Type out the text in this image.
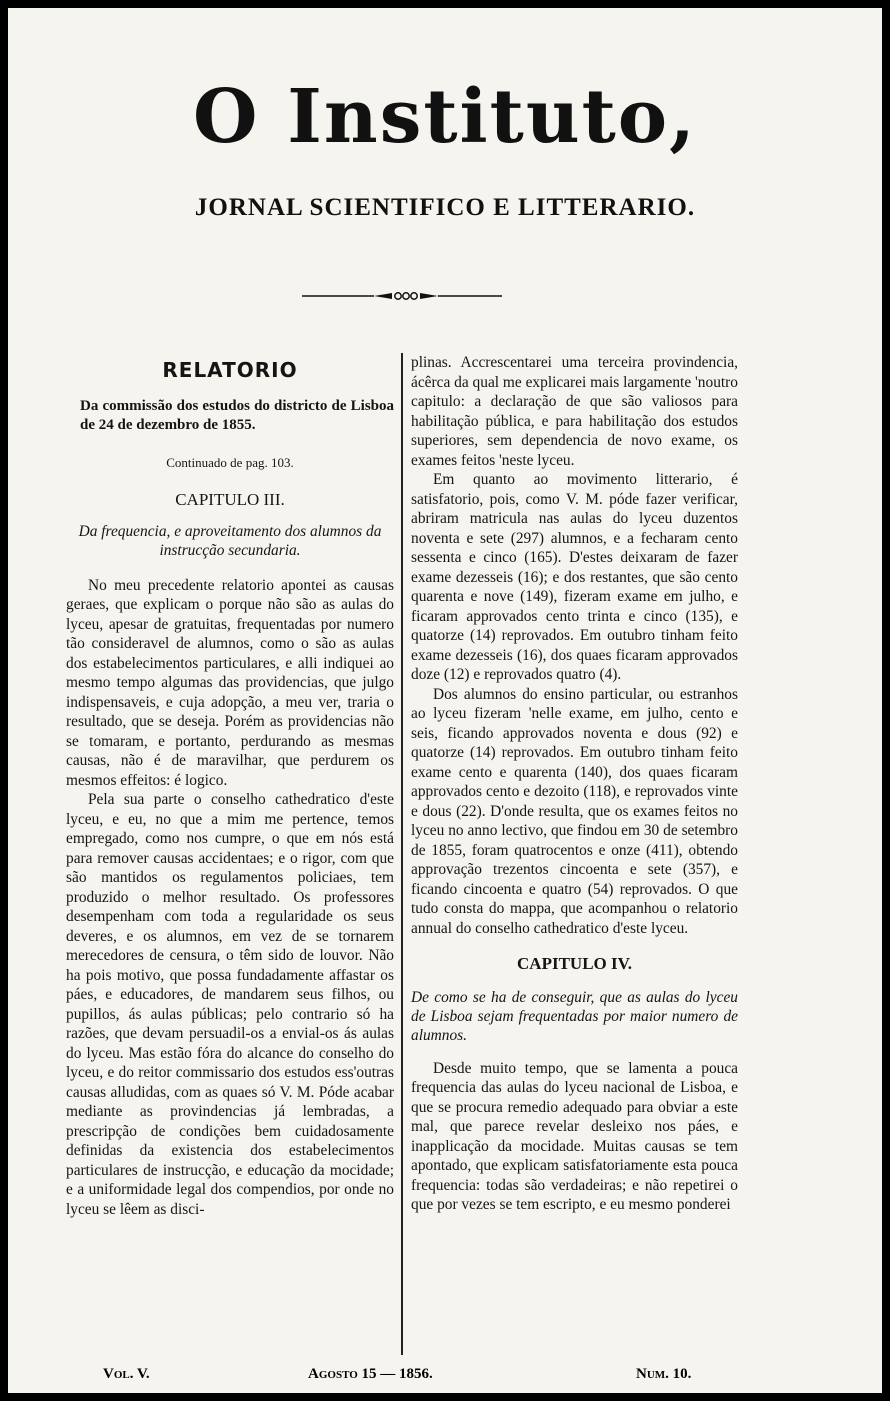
O Instituto,
JORNAL SCIENTIFICO E LITTERARIO.
RELATORIO
Da commissão dos estudos do districto de Lisboa de 24 de dezembro de 1855.
Continuado de pag. 103.
CAPITULO III.
Da frequencia, e aproveitamento dos alumnos da instrucção secundaria.

No meu precedente relatorio apontei as causas geraes, que explicam o porque não são as aulas do lyceu, apesar de gratuitas, frequentadas por numero tão consideravel de alumnos, como o são as aulas dos estabelecimentos particulares, e alli indiquei ao mesmo tempo algumas das providencias, que julgo indispensaveis, e cuja adopção, a meu ver, traria o resultado, que se deseja. Porém as providencias não se tomaram, e portanto, perdurando as mesmas causas, não é de maravilhar, que perdurem os mesmos effeitos: é logico.

Pela sua parte o conselho cathedratico d'este lyceu, e eu, no que a mim me pertence, temos empregado, como nos cumpre, o que em nós está para remover causas accidentaes; e o rigor, com que são mantidos os regulamentos policiaes, tem produzido o melhor resultado. Os professores desempenham com toda a regularidade os seus deveres, e os alumnos, em vez de se tornarem merecedores de censura, o têm sido de louvor. Não ha pois motivo, que possa fundadamente affastar os páes, e educadores, de mandarem seus filhos, ou pupillos, ás aulas públicas; pelo contrario só ha razões, que devam persuadil-os a envial-os ás aulas do lyceu. Mas estão fóra do alcance do conselho do lyceu, e do reitor commissario dos estudos ess'outras causas alludidas, com as quaes só V. M. Póde acabar mediante as provindencias já lembradas, a prescripção de condições bem cuidadosamente definidas da existencia dos estabelecimentos particulares de instrucção, e educação da mocidade; e a uniformidade legal dos compendios, por onde no lyceu se lêem as disci-

plinas. Accrescentarei uma terceira provindencia, ácêrca da qual me explicarei mais largamente 'noutro capitulo: a declaração de que são valiosos para habilitação pública, e para habilitação dos estudos superiores, sem dependencia de novo exame, os exames feitos 'neste lyceu.

Em quanto ao movimento litterario, é satisfatorio, pois, como V. M. póde fazer verificar, abriram matricula nas aulas do lyceu duzentos noventa e sete (297) alumnos, e a fecharam cento sessenta e cinco (165). D'estes deixaram de fazer exame dezesseis (16); e dos restantes, que são cento quarenta e nove (149), fizeram exame em julho, e ficaram approvados cento trinta e cinco (135), e quatorze (14) reprovados. Em outubro tinham feito exame dezesseis (16), dos quaes ficaram approvados doze (12) e reprovados quatro (4).

Dos alumnos do ensino particular, ou estranhos ao lyceu fizeram 'nelle exame, em julho, cento e seis, ficando approvados noventa e dous (92) e quatorze (14) reprovados. Em outubro tinham feito exame cento e quarenta (140), dos quaes ficaram approvados cento e dezoito (118), e reprovados vinte e dous (22). D'onde resulta, que os exames feitos no lyceu no anno lectivo, que findou em 30 de setembro de 1855, foram quatrocentos e onze (411), obtendo approvação trezentos cincoenta e sete (357), e ficando cincoenta e quatro (54) reprovados. O que tudo consta do mappa, que acompanhou o relatorio annual do conselho cathedratico d'este lyceu.

CAPITULO IV.
De como se ha de conseguir, que as aulas do lyceu de Lisboa sejam frequentadas por maior numero de alumnos.

Desde muito tempo, que se lamenta a pouca frequencia das aulas do lyceu nacional de Lisboa, e que se procura remedio adequado para obviar a este mal, que parece revelar desleixo nos páes, e inapplicação da mocidade. Muitas causas se tem apontado, que explicam satisfatoriamente esta pouca frequencia: todas são verdadeiras; e não repetirei o que por vezes se tem escripto, e eu mesmo ponderei

Vol. V.	Agosto 15 — 1856.	Num. 10.
